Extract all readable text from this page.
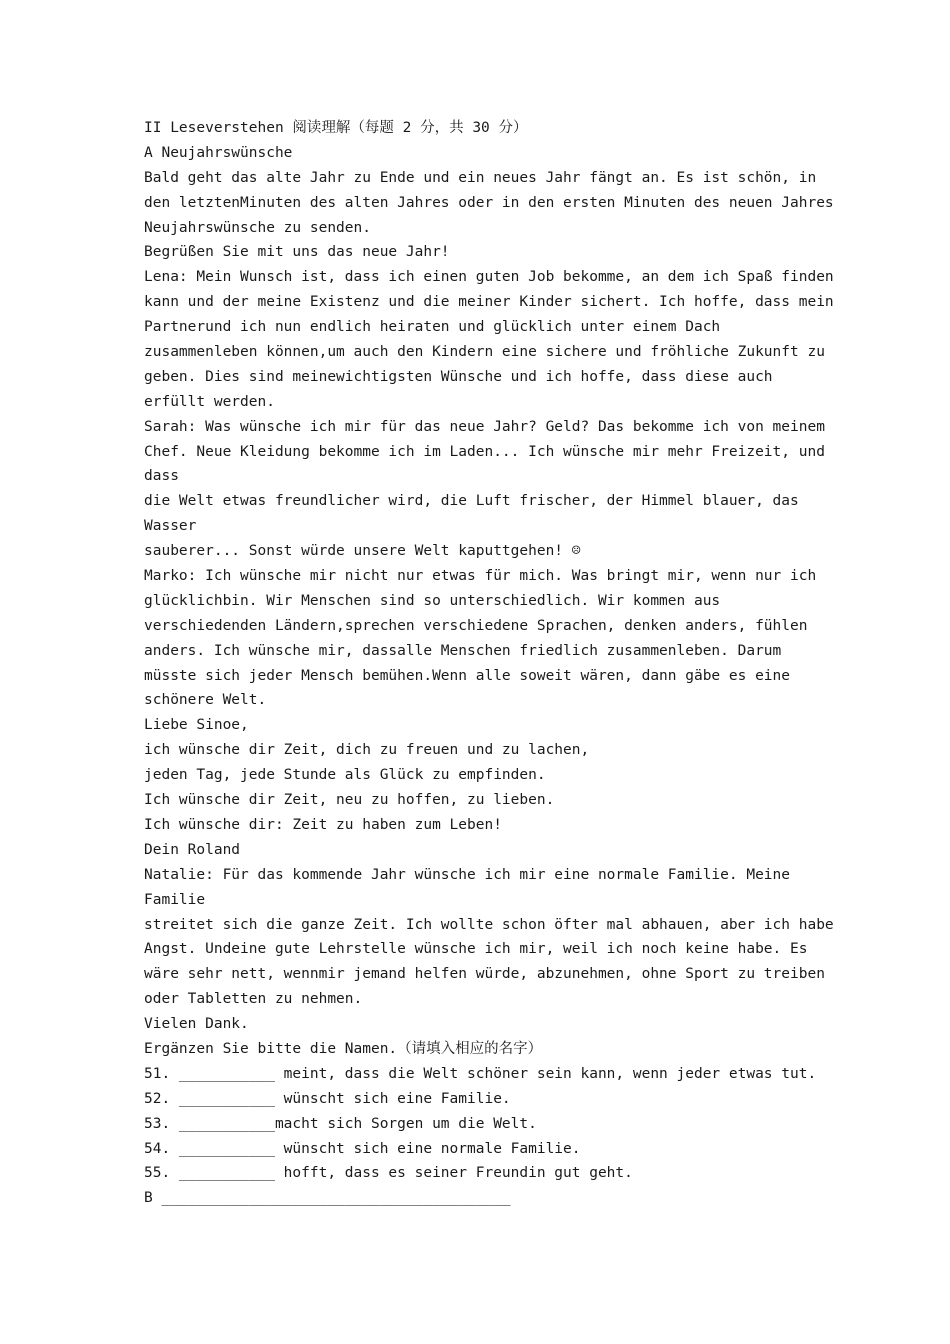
II Leseverstehen 阅读理解（每题 2 分，共 30 分）
A Neujahrswünsche
Bald geht das alte Jahr zu Ende und ein neues Jahr fängt an. Es ist schön, in
den letztenMinuten des alten Jahres oder in den ersten Minuten des neuen Jahres
Neujahrswünsche zu senden.
Begrüßen Sie mit uns das neue Jahr!
Lena: Mein Wunsch ist, dass ich einen guten Job bekomme, an dem ich Spaß finden
kann und der meine Existenz und die meiner Kinder sichert. Ich hoffe, dass mein
Partnerund ich nun endlich heiraten und glücklich unter einem Dach
zusammenleben können,um auch den Kindern eine sichere und fröhliche Zukunft zu
geben. Dies sind meinewichtigsten Wünsche und ich hoffe, dass diese auch
erfüllt werden.
Sarah: Was wünsche ich mir für das neue Jahr? Geld? Das bekomme ich von meinem
Chef. Neue Kleidung bekomme ich im Laden... Ich wünsche mir mehr Freizeit, und
dass
die Welt etwas freundlicher wird, die Luft frischer, der Himmel blauer, das
Wasser
sauberer... Sonst würde unsere Welt kaputtgehen! ☹
Marko: Ich wünsche mir nicht nur etwas für mich. Was bringt mir, wenn nur ich
glücklichbin. Wir Menschen sind so unterschiedlich. Wir kommen aus
verschiedenden Ländern,sprechen verschiedene Sprachen, denken anders, fühlen
anders. Ich wünsche mir, dassalle Menschen friedlich zusammenleben. Darum
müsste sich jeder Mensch bemühen.Wenn alle soweit wären, dann gäbe es eine
schönere Welt.
Liebe Sinoe,
ich wünsche dir Zeit, dich zu freuen und zu lachen,
jeden Tag, jede Stunde als Glück zu empfinden.
Ich wünsche dir Zeit, neu zu hoffen, zu lieben.
Ich wünsche dir: Zeit zu haben zum Leben!
Dein Roland
Natalie: Für das kommende Jahr wünsche ich mir eine normale Familie. Meine
Familie
streitet sich die ganze Zeit. Ich wollte schon öfter mal abhauen, aber ich habe
Angst. Undeine gute Lehrstelle wünsche ich mir, weil ich noch keine habe. Es
wäre sehr nett, wennmir jemand helfen würde, abzunehmen, ohne Sport zu treiben
oder Tabletten zu nehmen.
Vielen Dank.
Ergänzen Sie bitte die Namen.（请填入相应的名字）
51. ___________ meint, dass die Welt schöner sein kann, wenn jeder etwas tut.
52. ___________ wünscht sich eine Familie.
53. ___________macht sich Sorgen um die Welt.
54. ___________ wünscht sich eine normale Familie.
55. ___________ hofft, dass es seiner Freundin gut geht.
B ________________________________________
